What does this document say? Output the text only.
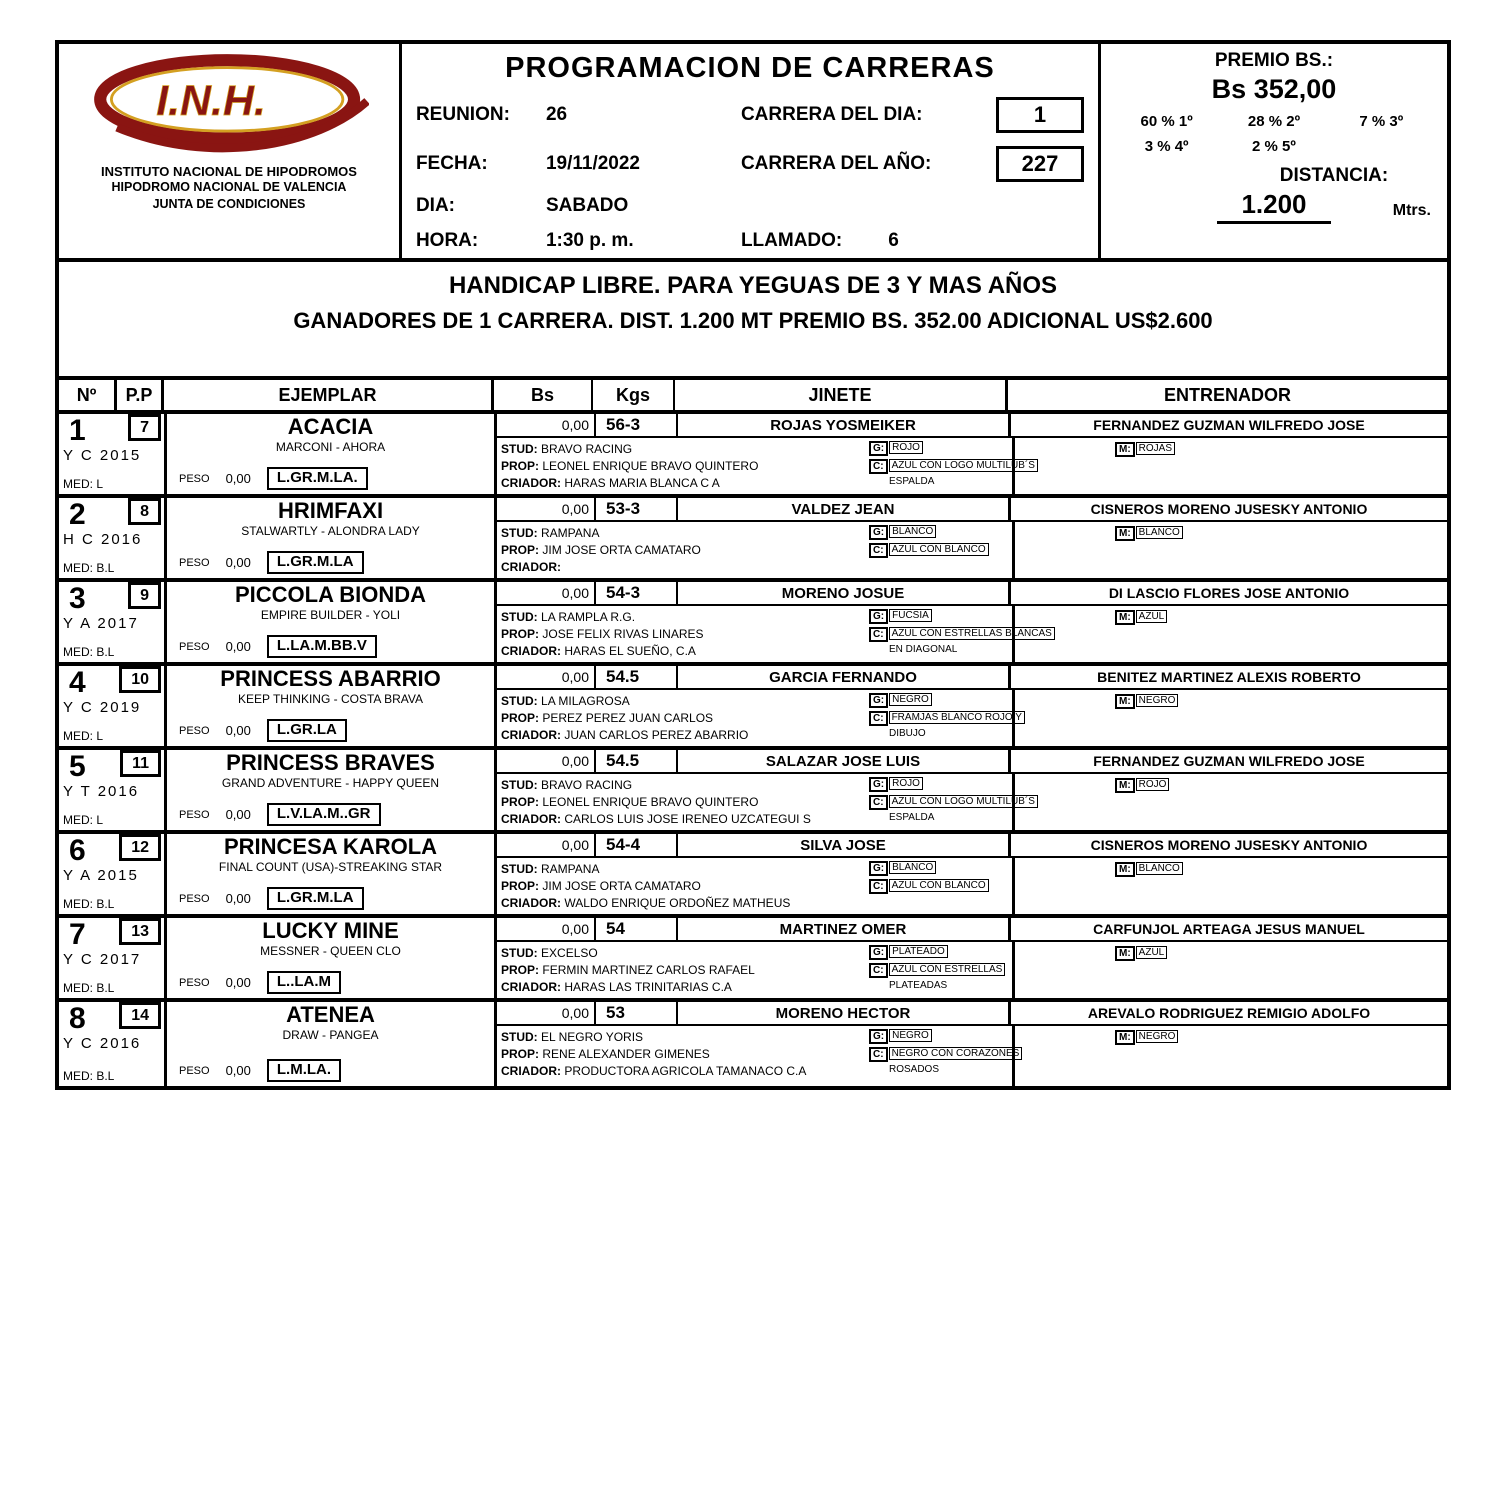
I.N.H.
INSTITUTO NACIONAL DE HIPODROMOS
HIPODROMO NACIONAL DE VALENCIA
JUNTA DE CONDICIONES
PROGRAMACION DE CARRERAS
REUNION:	26	CARRERA DEL DIA:	1
FECHA:	19/11/2022	CARRERA DEL AÑO:	227
DIA:	SABADO
HORA:	1:30 p. m.	LLAMADO: 6
PREMIO BS.:
Bs 352,00
60 % 1º	28 % 2º	7 % 3º
3 % 4º	2 % 5º
DISTANCIA:
1.200	Mtrs.
HANDICAP LIBRE. PARA YEGUAS DE 3 Y MAS AÑOS
GANADORES DE 1 CARRERA. DIST. 1.200 MT PREMIO BS. 352.00 ADICIONAL US$2.600
Nº	P.P	EJEMPLAR	Bs	Kgs	JINETE	ENTRENADOR
1	7
Y C 2015
MED: L
ACACIA
MARCONI - AHORA
PESO 0,00	L.GR.M.LA.
0,00	56-3	ROJAS YOSMEIKER	FERNANDEZ GUZMAN WILFREDO JOSE
STUD: BRAVO RACING
PROP: LEONEL ENRIQUE BRAVO QUINTERO
CRIADOR: HARAS MARIA BLANCA C A
G: ROJO
C: AZUL CON LOGO MULTILUB´S
ESPALDA
M: ROJAS
2	8
H C 2016
MED: B.L
HRIMFAXI
STALWARTLY - ALONDRA LADY
PESO 0,00	L.GR.M.LA
0,00	53-3	VALDEZ JEAN	CISNEROS MORENO JUSESKY ANTONIO
STUD: RAMPANA
PROP: JIM JOSE ORTA CAMATARO
CRIADOR:
G: BLANCO
C: AZUL CON BLANCO
M: BLANCO
3	9
Y A 2017
MED: B.L
PICCOLA BIONDA
EMPIRE BUILDER - YOLI
PESO 0,00	L.LA.M.BB.V
0,00	54-3	MORENO JOSUE	DI LASCIO FLORES JOSE ANTONIO
STUD: LA RAMPLA R.G.
PROP: JOSE FELIX RIVAS LINARES
CRIADOR: HARAS EL SUEÑO, C.A
G: FUCSIA
C: AZUL CON ESTRELLAS BLANCAS
EN DIAGONAL
M: AZUL
4	10
Y C 2019
MED: L
PRINCESS ABARRIO
KEEP THINKING - COSTA BRAVA
PESO 0,00	L.GR.LA
0,00	54.5	GARCIA FERNANDO	BENITEZ MARTINEZ ALEXIS ROBERTO
STUD: LA MILAGROSA
PROP: PEREZ PEREZ JUAN CARLOS
CRIADOR: JUAN CARLOS PEREZ ABARRIO
G: NEGRO
C: FRAMJAS BLANCO ROJO Y
DIBUJO
M: NEGRO
5	11
Y T 2016
MED: L
PRINCESS BRAVES
GRAND ADVENTURE - HAPPY QUEEN
PESO 0,00	L.V.LA.M..GR
0,00	54.5	SALAZAR JOSE LUIS	FERNANDEZ GUZMAN WILFREDO JOSE
STUD: BRAVO RACING
PROP: LEONEL ENRIQUE BRAVO QUINTERO
CRIADOR: CARLOS LUIS JOSE IRENEO UZCATEGUI S
G: ROJO
C: AZUL CON LOGO MULTILUB´S
ESPALDA
M: ROJO
6	12
Y A 2015
MED: B.L
PRINCESA KAROLA
FINAL COUNT (USA)-STREAKING STAR
PESO 0,00	L.GR.M.LA
0,00	54-4	SILVA JOSE	CISNEROS MORENO JUSESKY ANTONIO
STUD: RAMPANA
PROP: JIM JOSE ORTA CAMATARO
CRIADOR: WALDO ENRIQUE ORDOÑEZ MATHEUS
G: BLANCO
C: AZUL CON BLANCO
M: BLANCO
7	13
Y C 2017
MED: B.L
LUCKY MINE
MESSNER - QUEEN CLO
PESO 0,00	L..LA.M
0,00	54	MARTINEZ OMER	CARFUNJOL ARTEAGA JESUS MANUEL
STUD: EXCELSO
PROP: FERMIN MARTINEZ CARLOS RAFAEL
CRIADOR: HARAS LAS TRINITARIAS C.A
G: PLATEADO
C: AZUL CON ESTRELLAS
PLATEADAS
M: AZUL
8	14
Y C 2016
MED: B.L
ATENEA
DRAW - PANGEA
PESO 0,00	L.M.LA.
0,00	53	MORENO HECTOR	AREVALO RODRIGUEZ REMIGIO ADOLFO
STUD: EL NEGRO YORIS
PROP: RENE ALEXANDER GIMENES
CRIADOR: PRODUCTORA AGRICOLA TAMANACO C.A
G: NEGRO
C: NEGRO CON CORAZONES
ROSADOS
M: NEGRO
